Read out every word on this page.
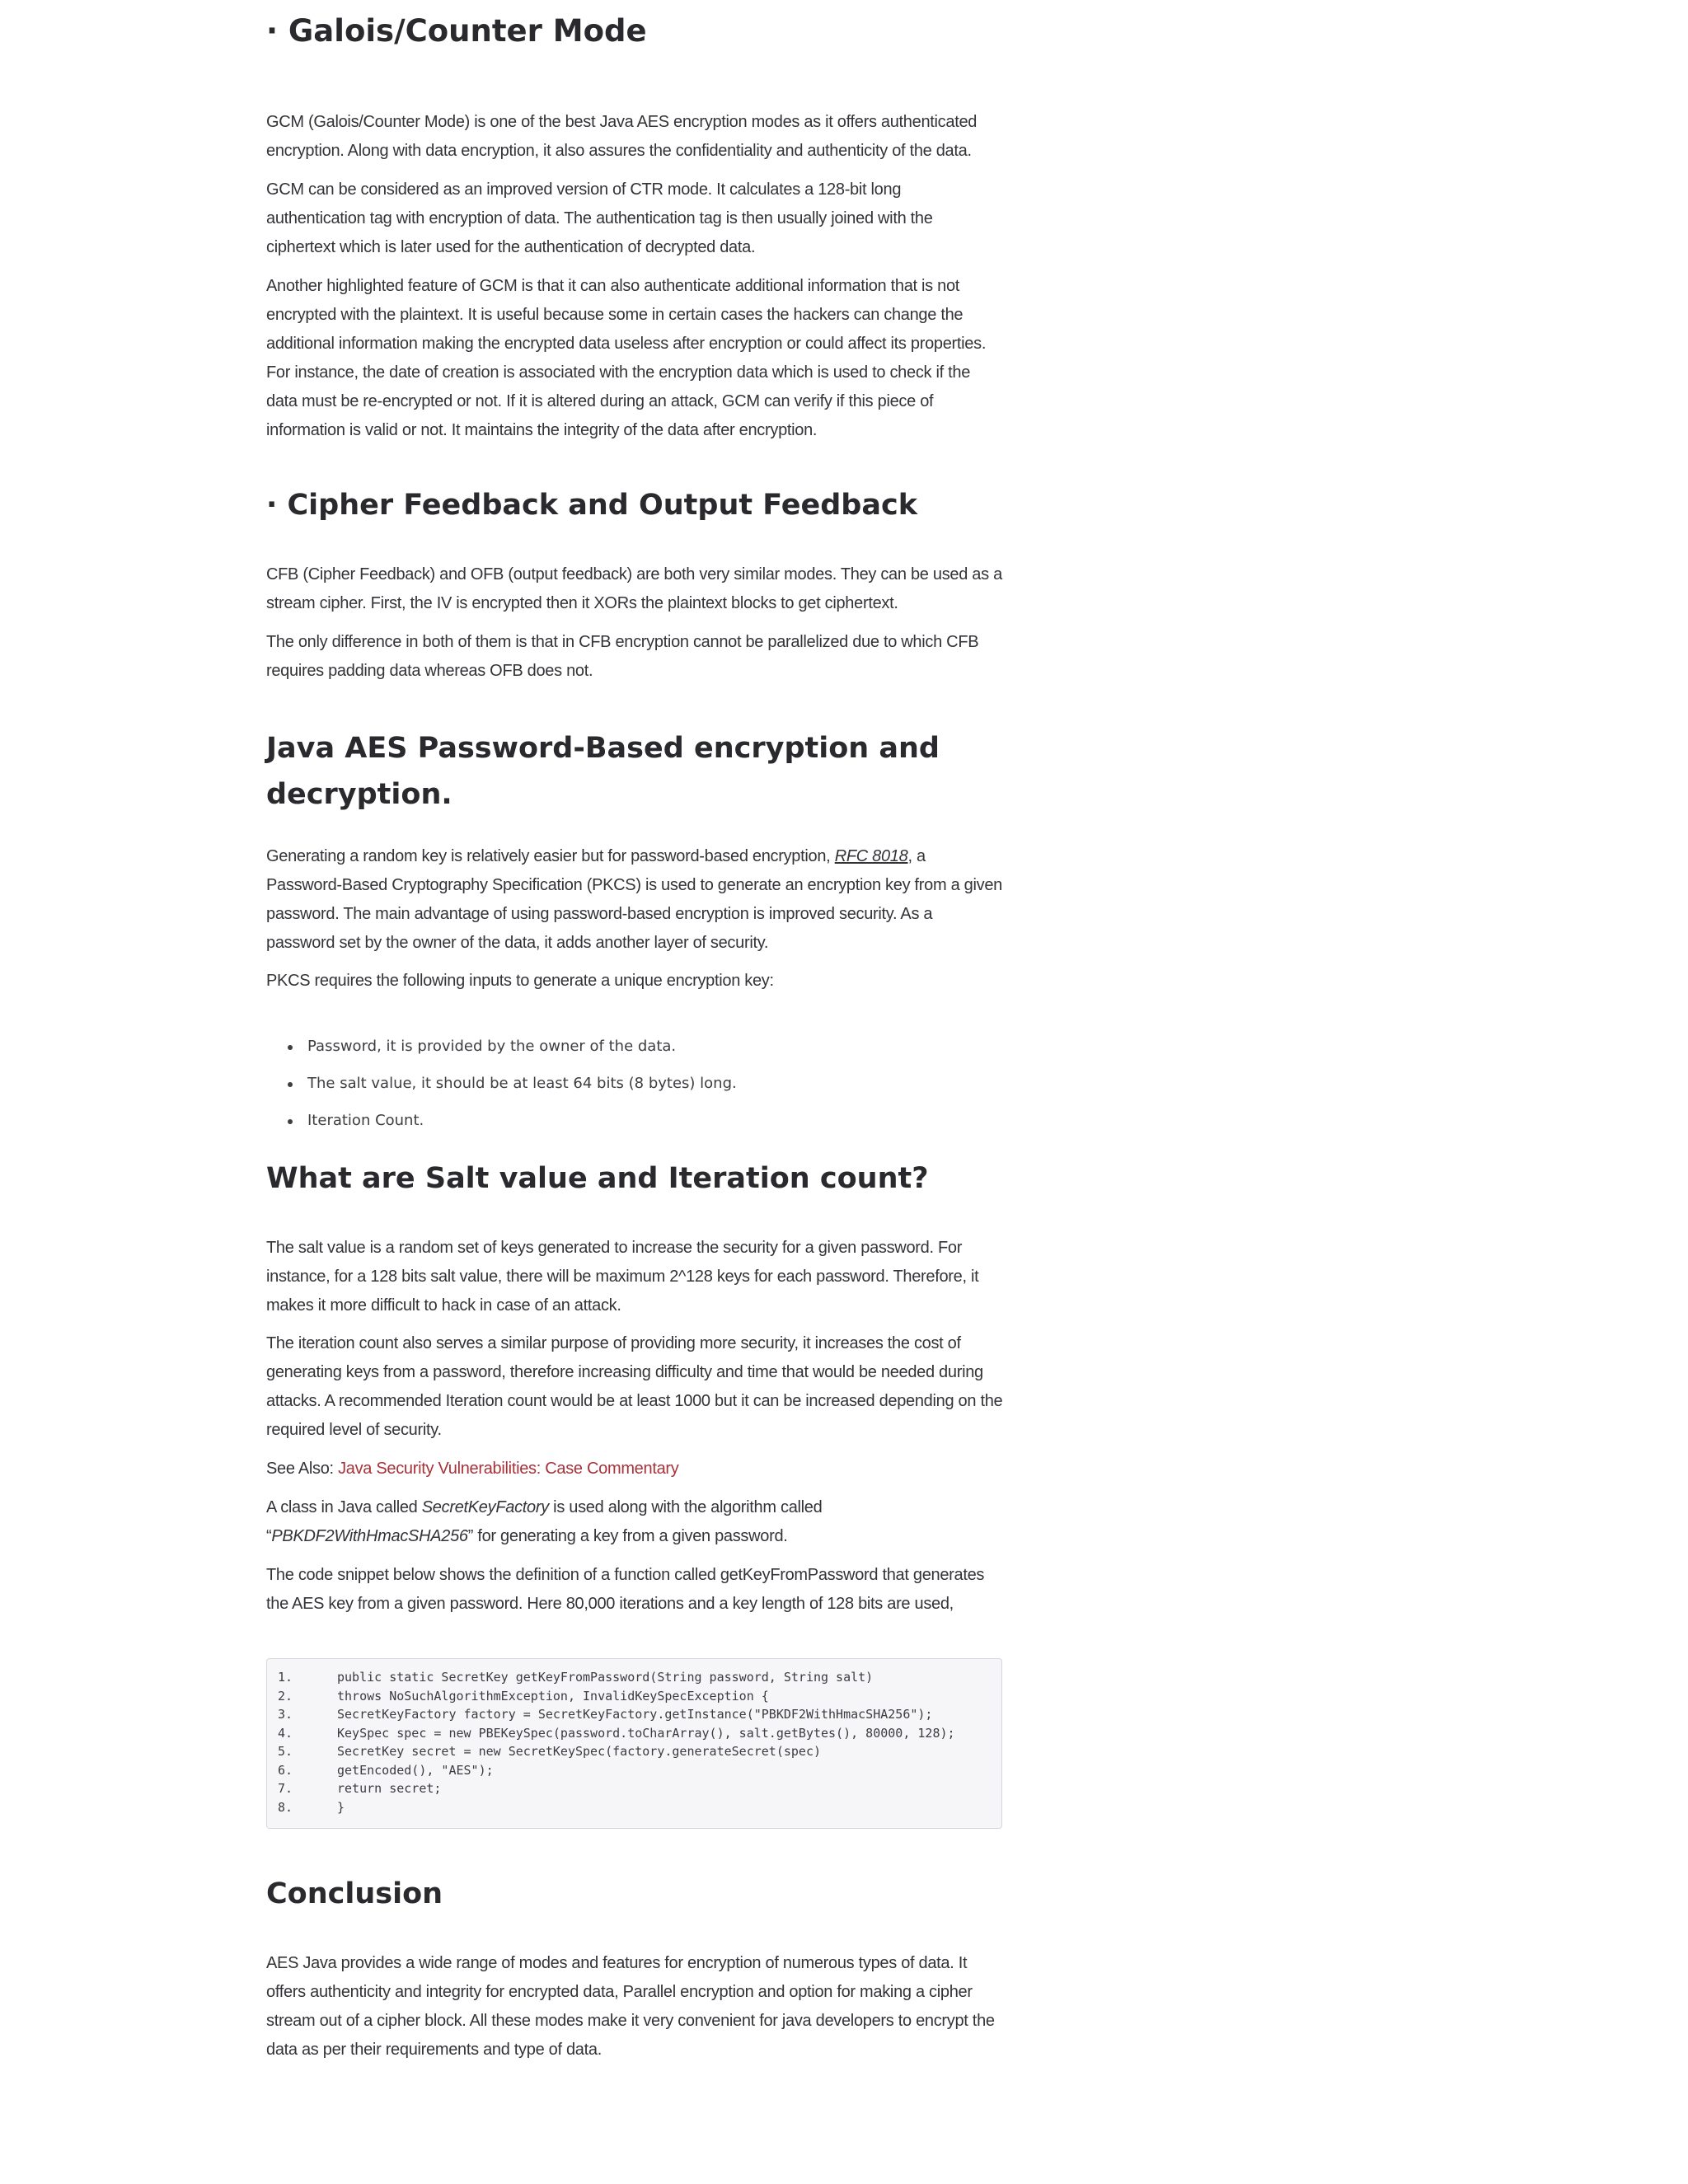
· Galois/Counter Mode

GCM (Galois/Counter Mode) is one of the best Java AES encryption modes as it offers authenticated encryption. Along with data encryption, it also assures the confidentiality and authenticity of the data.

GCM can be considered as an improved version of CTR mode. It calculates a 128-bit long authentication tag with encryption of data. The authentication tag is then usually joined with the ciphertext which is later used for the authentication of decrypted data.

Another highlighted feature of GCM is that it can also authenticate additional information that is not encrypted with the plaintext. It is useful because some in certain cases the hackers can change the additional information making the encrypted data useless after encryption or could affect its properties. For instance, the date of creation is associated with the encryption data which is used to check if the data must be re-encrypted or not. If it is altered during an attack, GCM can verify if this piece of information is valid or not. It maintains the integrity of the data after encryption.

· Cipher Feedback and Output Feedback

CFB (Cipher Feedback) and OFB (output feedback) are both very similar modes. They can be used as a stream cipher. First, the IV is encrypted then it XORs the plaintext blocks to get ciphertext.

The only difference in both of them is that in CFB encryption cannot be parallelized due to which CFB requires padding data whereas OFB does not.

Java AES Password-Based encryption and
decryption.

Generating a random key is relatively easier but for password-based encryption, RFC 8018, a Password-Based Cryptography Specification (PKCS) is used to generate an encryption key from a given password. The main advantage of using password-based encryption is improved security. As a password set by the owner of the data, it adds another layer of security.

PKCS requires the following inputs to generate a unique encryption key:

Password, it is provided by the owner of the data.
The salt value, it should be at least 64 bits (8 bytes) long.
Iteration Count.
What are Salt value and Iteration count?

The salt value is a random set of keys generated to increase the security for a given password. For instance, for a 128 bits salt value, there will be maximum 2^128 keys for each password. Therefore, it makes it more difficult to hack in case of an attack.

The iteration count also serves a similar purpose of providing more security, it increases the cost of generating keys from a password, therefore increasing difficulty and time that would be needed during attacks. A recommended Iteration count would be at least 1000 but it can be increased depending on the required level of security.

See Also: Java Security Vulnerabilities: Case Commentary

A class in Java called SecretKeyFactory is used along with the algorithm called “PBKDF2WithHmacSHA256” for generating a key from a given password.

The code snippet below shows the definition of a function called getKeyFromPassword that generates the AES key from a given password. Here 80,000 iterations and a key length of 128 bits are used,

1.	public static SecretKey getKeyFromPassword(String password, String salt)
2.	throws NoSuchAlgorithmException, InvalidKeySpecException {
3.	SecretKeyFactory factory = SecretKeyFactory.getInstance("PBKDF2WithHmacSHA256");
4.	KeySpec spec = new PBEKeySpec(password.toCharArray(), salt.getBytes(), 80000, 128);
5.	SecretKey secret = new SecretKeySpec(factory.generateSecret(spec)
6.	getEncoded(), "AES");
7.	return secret;
8.	}
Conclusion

AES Java provides a wide range of modes and features for encryption of numerous types of data. It offers authenticity and integrity for encrypted data, Parallel encryption and option for making a cipher stream out of a cipher block. All these modes make it very convenient for java developers to encrypt the data as per their requirements and type of data.
